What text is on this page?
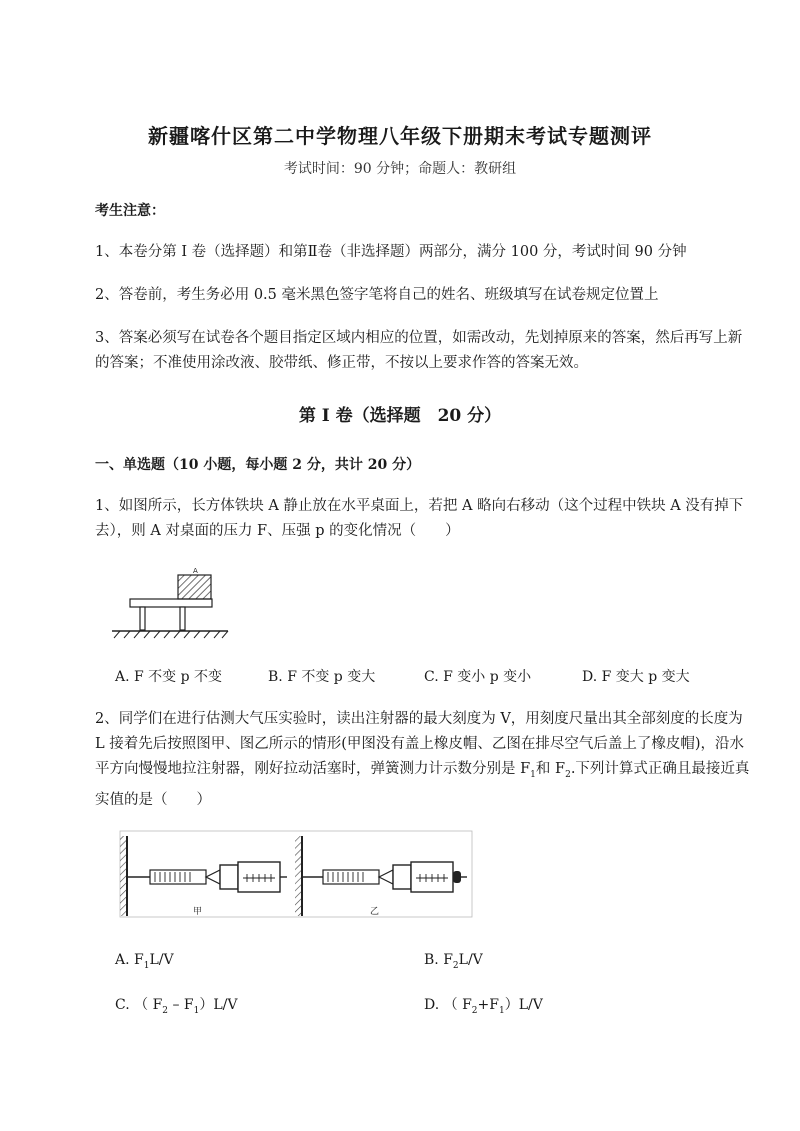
新疆喀什区第二中学物理八年级下册期末考试专题测评
考试时间：90 分钟；命题人：教研组
考生注意：
1、本卷分第 I 卷（选择题）和第Ⅱ卷（非选择题）两部分，满分 100 分，考试时间 90 分钟
2、答卷前，考生务必用 0.5 毫米黑色签字笔将自己的姓名、班级填写在试卷规定位置上
3、答案必须写在试卷各个题目指定区域内相应的位置，如需改动，先划掉原来的答案，然后再写上新的答案；不准使用涂改液、胶带纸、修正带，不按以上要求作答的答案无效。
第 I 卷（选择题　20 分）
一、单选题（10 小题，每小题 2 分，共计 20 分）
1、如图所示，长方体铁块 A 静止放在水平桌面上，若把 A 略向右移动（这个过程中铁块 A 没有掉下去），则 A 对桌面的压力 F、压强 p 的变化情况（　　）
A
A. F 不变 p 不变	B. F 不变 p 变大	C. F 变小 p 变小	D. F 变大 p 变大
2、同学们在进行估测大气压实验时，读出注射器的最大刻度为 V，用刻度尺量出其全部刻度的长度为 L 接着先后按照图甲、图乙所示的情形(甲图没有盖上橡皮帽、乙图在排尽空气后盖上了橡皮帽)，沿水平方向慢慢地拉注射器，刚好拉动活塞时，弹簧测力计示数分别是 $F_1$和 $F_2$.下列计算式正确且最接近真实值的是（　　）
甲	乙
A. $F_1L/V$	B. $F_2L/V$
C. （ $F_2 - F_1)L/V$	D. （ $F_2+F_1)L/V$
